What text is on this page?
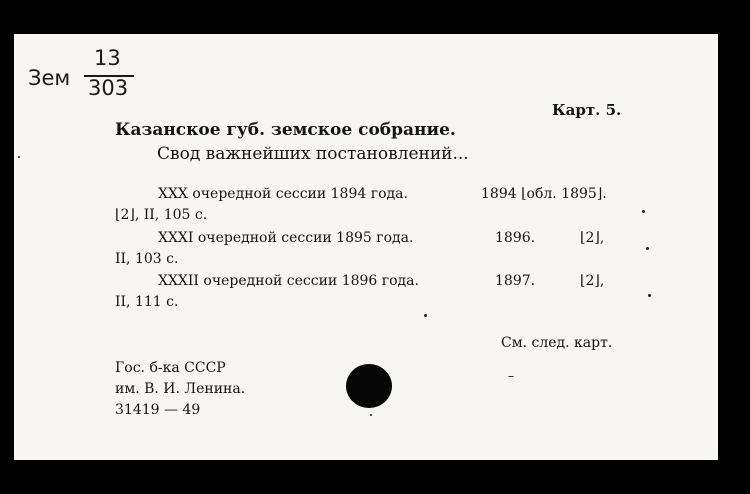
Зем
13
303
Карт. 5.
Казанское губ. земское собрание.
Свод важнейших постановлений...
XXX очередной сессии 1894 года.	1894 ⌊обл. 1895⌋.
⌊2⌋, II, 105 с.
XXXI очередной сессии 1895 года.	1896.	⌊2⌋,
II, 103 с.
XXXII очередной сессии 1896 года.	1897.	⌊2⌋,
II, 111 с.
См. след. карт.
Гос. б-ка СССР
им. В. И. Ленина.
31419 — 49
